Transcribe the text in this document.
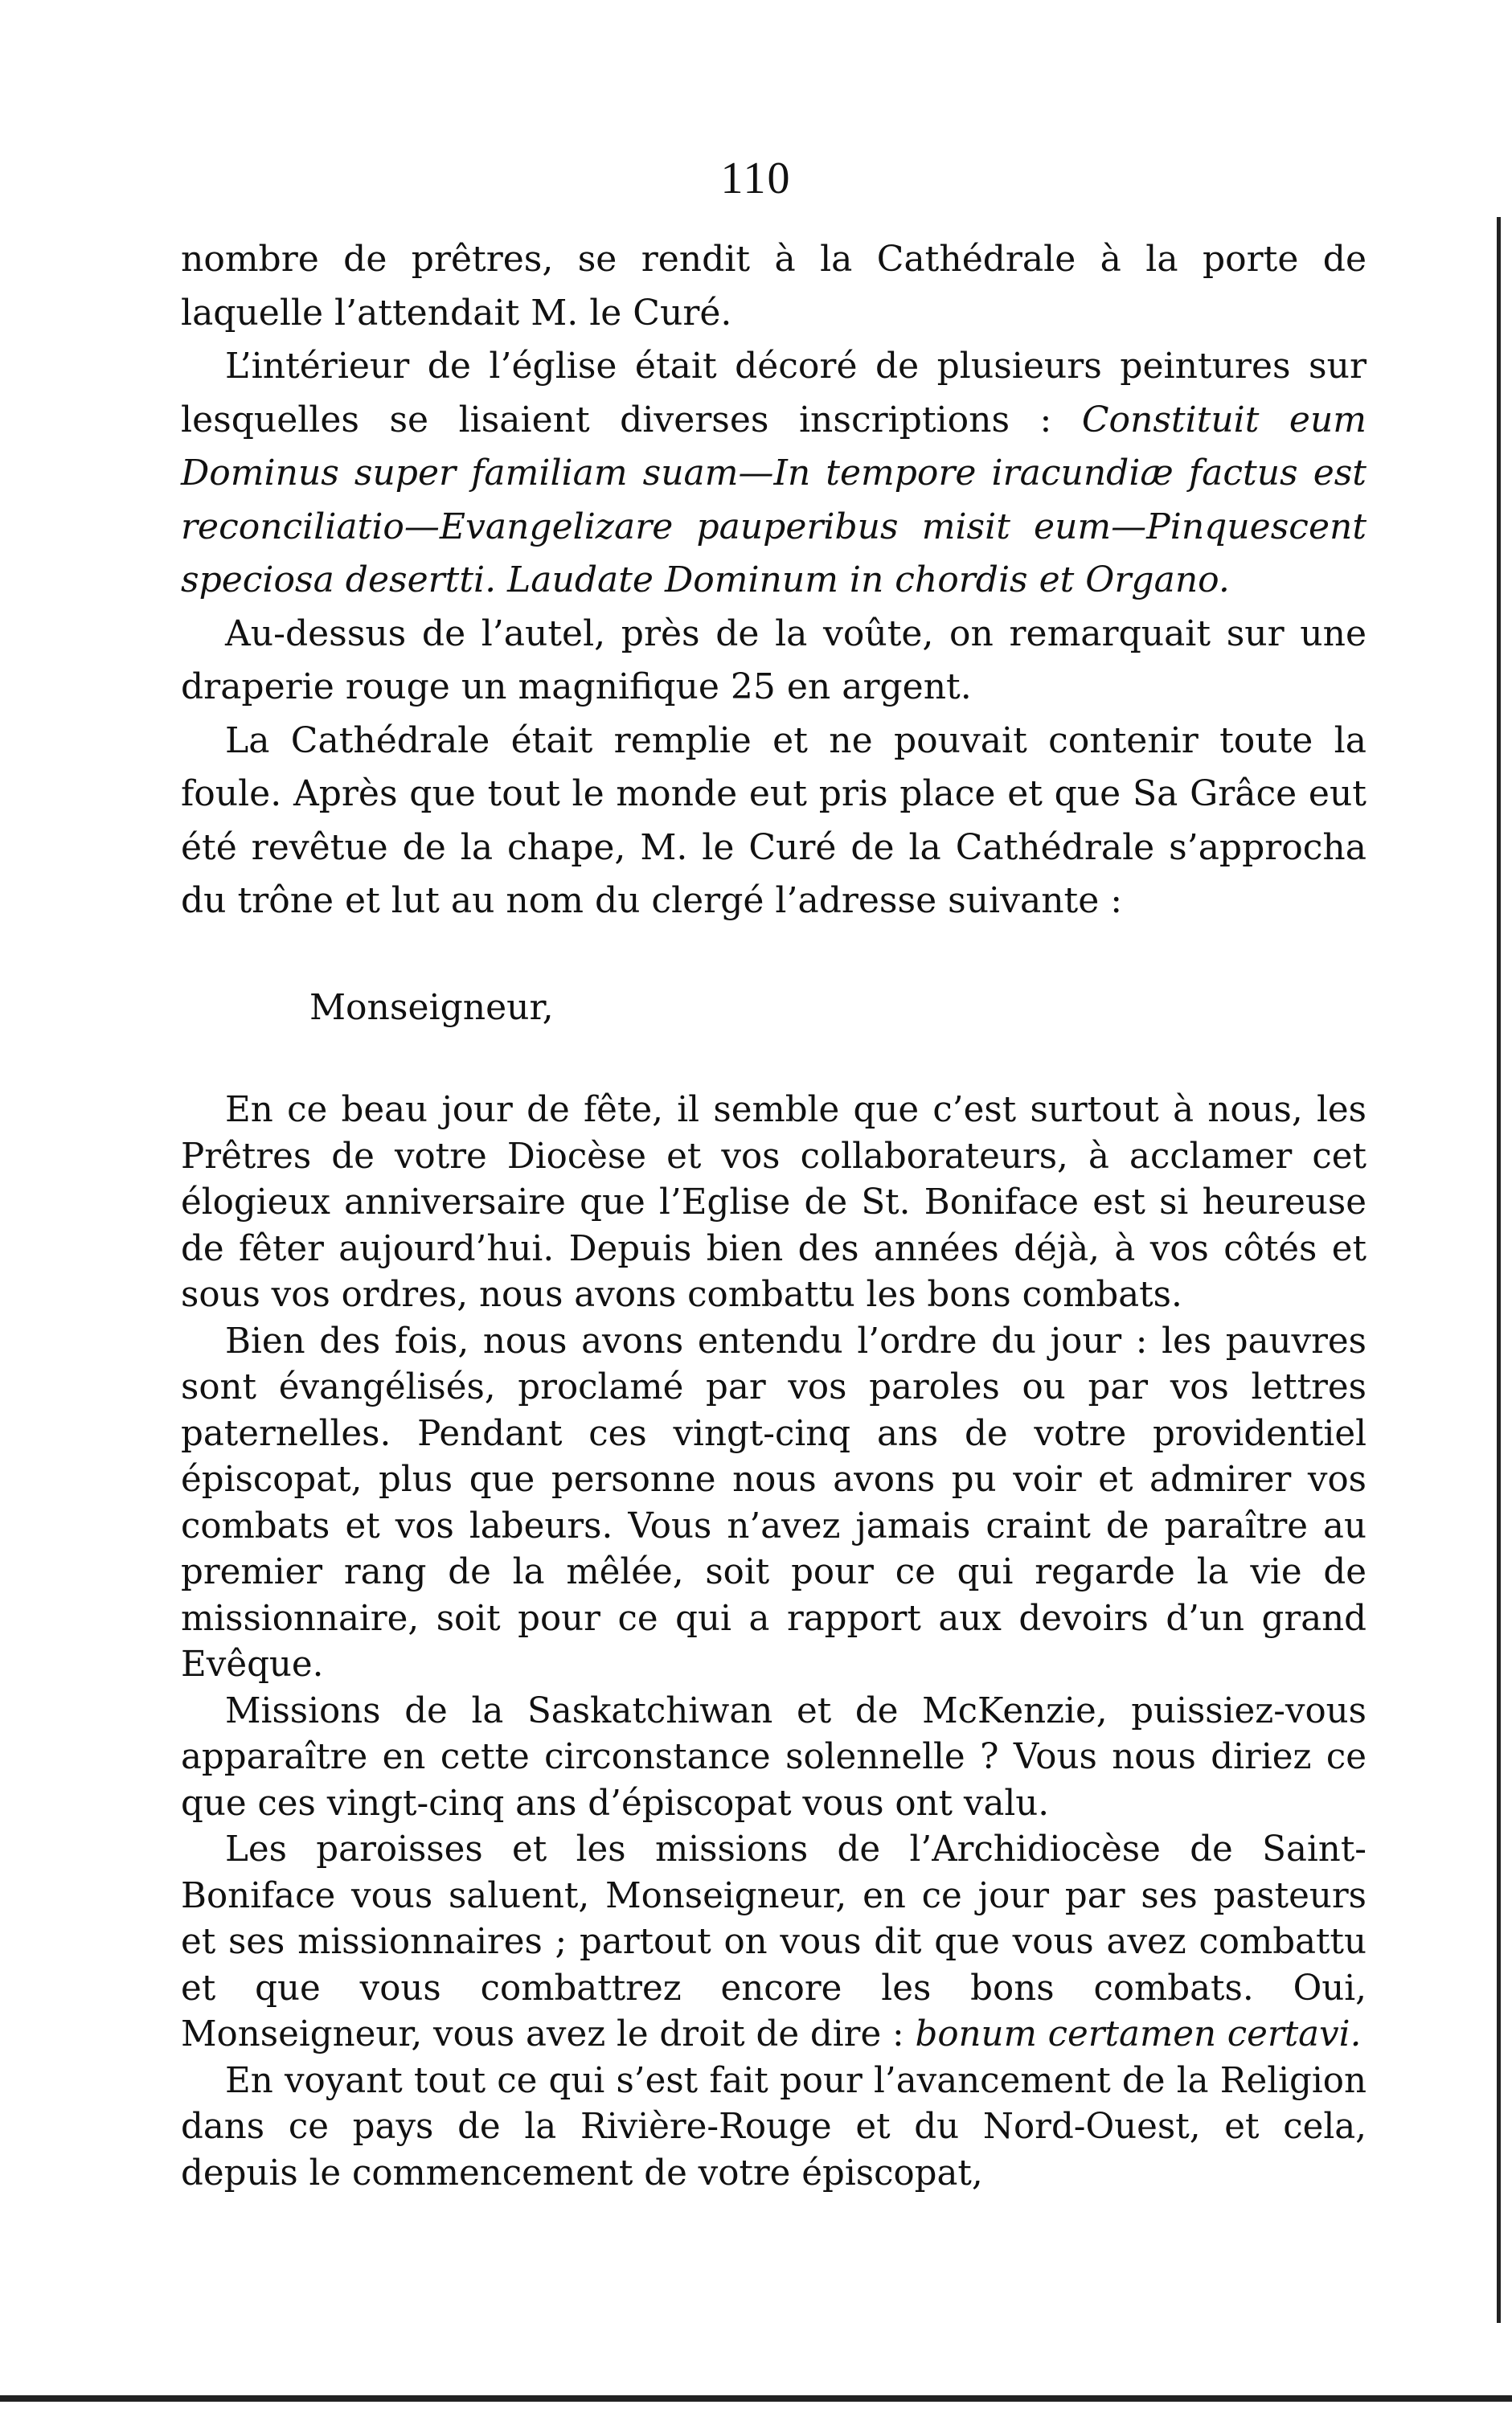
110

nombre de prêtres, se rendit à la Cathédrale à la porte de laquelle l’attendait M. le Curé.

L’intérieur de l’église était décoré de plusieurs peintures sur lesquelles se lisaient diverses inscriptions : Constituit eum Dominus super familiam suam—In tempore iracundiæ factus est reconciliatio—Evangelizare pauperibus misit eum—Pinquescent speciosa desertti. Laudate Dominum in chordis et Organo.

Au-dessus de l’autel, près de la voûte, on remarquait sur une draperie rouge un magnifique 25 en argent.

La Cathédrale était remplie et ne pouvait contenir toute la foule. Après que tout le monde eut pris place et que Sa Grâce eut été revêtue de la chape, M. le Curé de la Cathédrale s’approcha du trône et lut au nom du clergé l’adresse suivante :

Monseigneur,

En ce beau jour de fête, il semble que c’est surtout à nous, les Prêtres de votre Diocèse et vos collaborateurs, à acclamer cet élogieux anniversaire que l’Eglise de St. Boniface est si heureuse de fêter aujourd’hui. Depuis bien des années déjà, à vos côtés et sous vos ordres, nous avons combattu les bons combats.

Bien des fois, nous avons entendu l’ordre du jour : les pauvres sont évangélisés, proclamé par vos paroles ou par vos lettres paternelles. Pendant ces vingt-cinq ans de votre providentiel épiscopat, plus que personne nous avons pu voir et admirer vos combats et vos labeurs. Vous n’avez jamais craint de paraître au premier rang de la mêlée, soit pour ce qui regarde la vie de missionnaire, soit pour ce qui a rapport aux devoirs d’un grand Evêque.

Missions de la Saskatchiwan et de McKenzie, puissiez-vous apparaître en cette circonstance solennelle ? Vous nous diriez ce que ces vingt-cinq ans d’épiscopat vous ont valu.

Les paroisses et les missions de l’Archidiocèse de Saint-Boniface vous saluent, Monseigneur, en ce jour par ses pasteurs et ses missionnaires ; partout on vous dit que vous avez combattu et que vous combattrez encore les bons combats. Oui, Monseigneur, vous avez le droit de dire : bonum certamen certavi.

En voyant tout ce qui s’est fait pour l’avancement de la Religion dans ce pays de la Rivière-Rouge et du Nord-Ouest, et cela, depuis le commencement de votre épiscopat,
